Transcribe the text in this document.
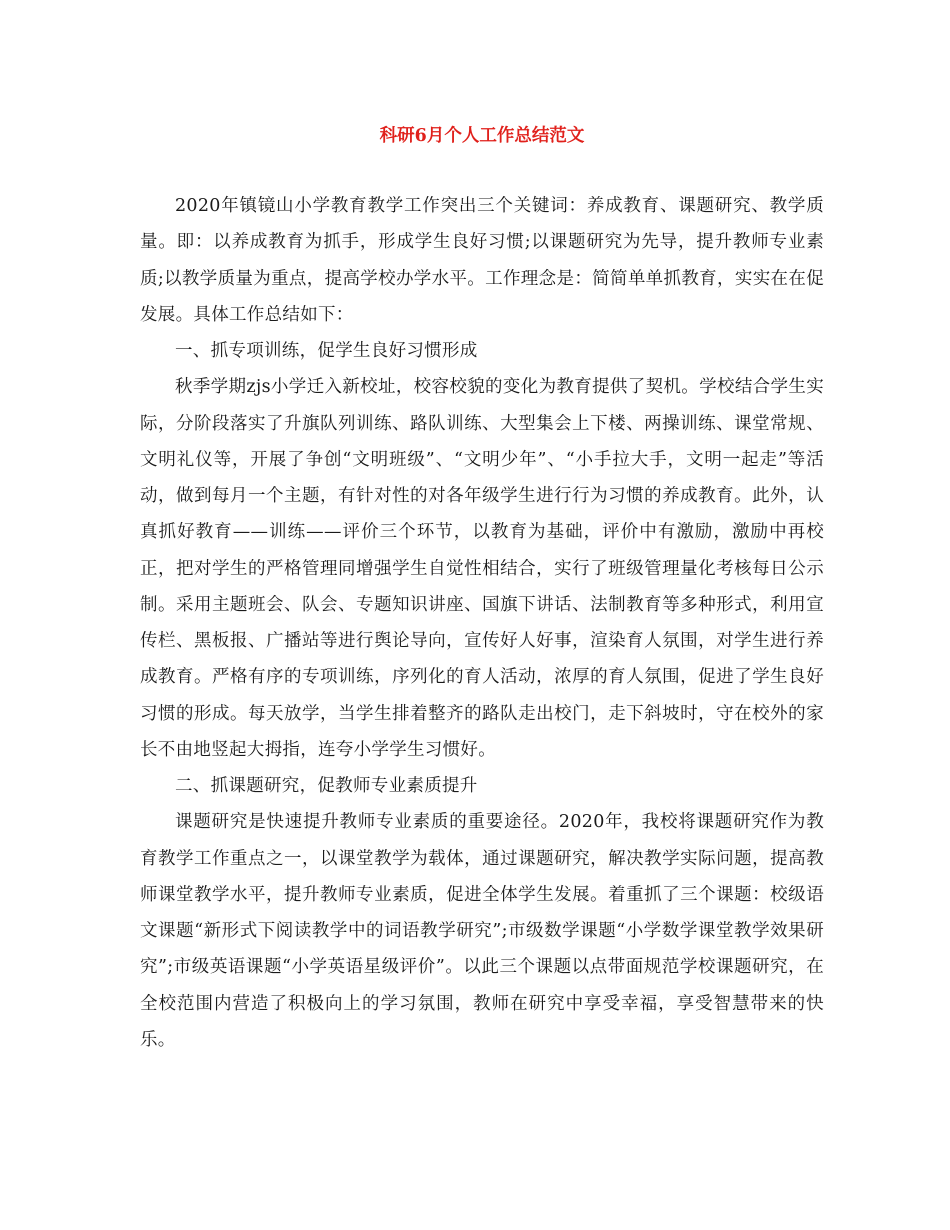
科研6月个人工作总结范文

2020年镇镜山小学教育教学工作突出三个关键词：养成教育、课题研究、教学质量。即：以养成教育为抓手，形成学生良好习惯;以课题研究为先导，提升教师专业素质;以教学质量为重点，提高学校办学水平。工作理念是：简简单单抓教育，实实在在促发展。具体工作总结如下：

一、抓专项训练，促学生良好习惯形成

秋季学期zjs小学迁入新校址，校容校貌的变化为教育提供了契机。学校结合学生实际，分阶段落实了升旗队列训练、路队训练、大型集会上下楼、两操训练、课堂常规、文明礼仪等，开展了争创“文明班级”、“文明少年”、“小手拉大手，文明一起走”等活动，做到每月一个主题，有针对性的对各年级学生进行行为习惯的养成教育。此外，认真抓好教育——训练——评价三个环节，以教育为基础，评价中有激励，激励中再校正，把对学生的严格管理同增强学生自觉性相结合，实行了班级管理量化考核每日公示制。采用主题班会、队会、专题知识讲座、国旗下讲话、法制教育等多种形式，利用宣传栏、黑板报、广播站等进行舆论导向，宣传好人好事，渲染育人氛围，对学生进行养成教育。严格有序的专项训练，序列化的育人活动，浓厚的育人氛围，促进了学生良好习惯的形成。每天放学，当学生排着整齐的路队走出校门，走下斜坡时，守在校外的家长不由地竖起大拇指，连夸小学学生习惯好。

二、抓课题研究，促教师专业素质提升

课题研究是快速提升教师专业素质的重要途径。2020年，我校将课题研究作为教育教学工作重点之一，以课堂教学为载体，通过课题研究，解决教学实际问题，提高教师课堂教学水平，提升教师专业素质，促进全体学生发展。着重抓了三个课题：校级语文课题“新形式下阅读教学中的词语教学研究”;市级数学课题“小学数学课堂教学效果研究”;市级英语课题“小学英语星级评价”。以此三个课题以点带面规范学校课题研究，在全校范围内营造了积极向上的学习氛围，教师在研究中享受幸福，享受智慧带来的快乐。
